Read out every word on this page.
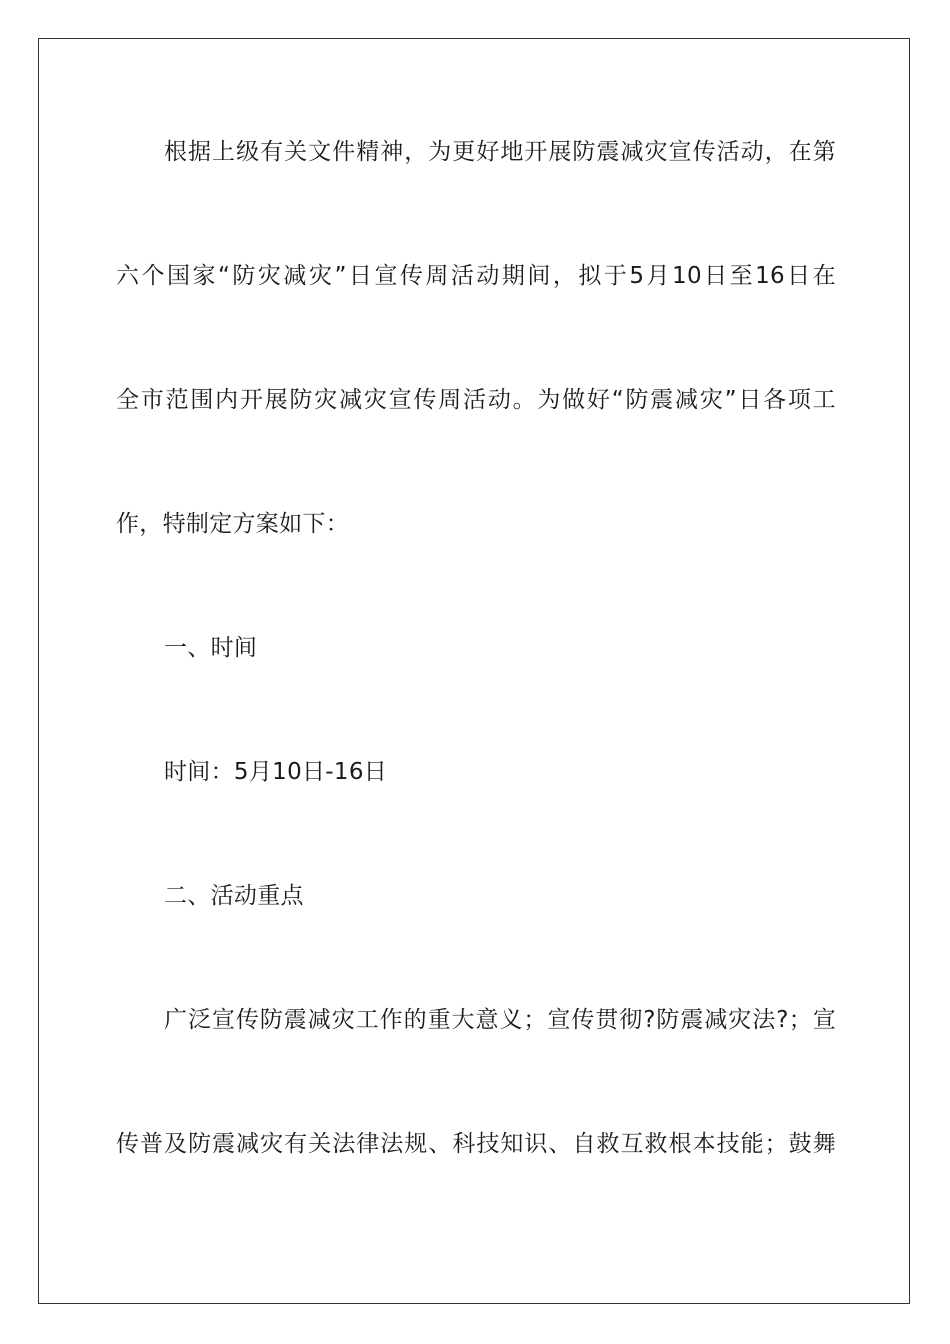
根据上级有关文件精神，为更好地开展防震减灾宣传活动，在第
六个国家“防灾减灾”日宣传周活动期间，拟于5月10日至16日在
全市范围内开展防灾减灾宣传周活动。为做好“防震减灾”日各项工
作，特制定方案如下：
一、时间
时间：5月10日-16日
二、活动重点
广泛宣传防震减灾工作的重大意义；宣传贯彻?防震减灾法?；宣
传普及防震减灾有关法律法规、科技知识、自救互救根本技能；鼓舞
